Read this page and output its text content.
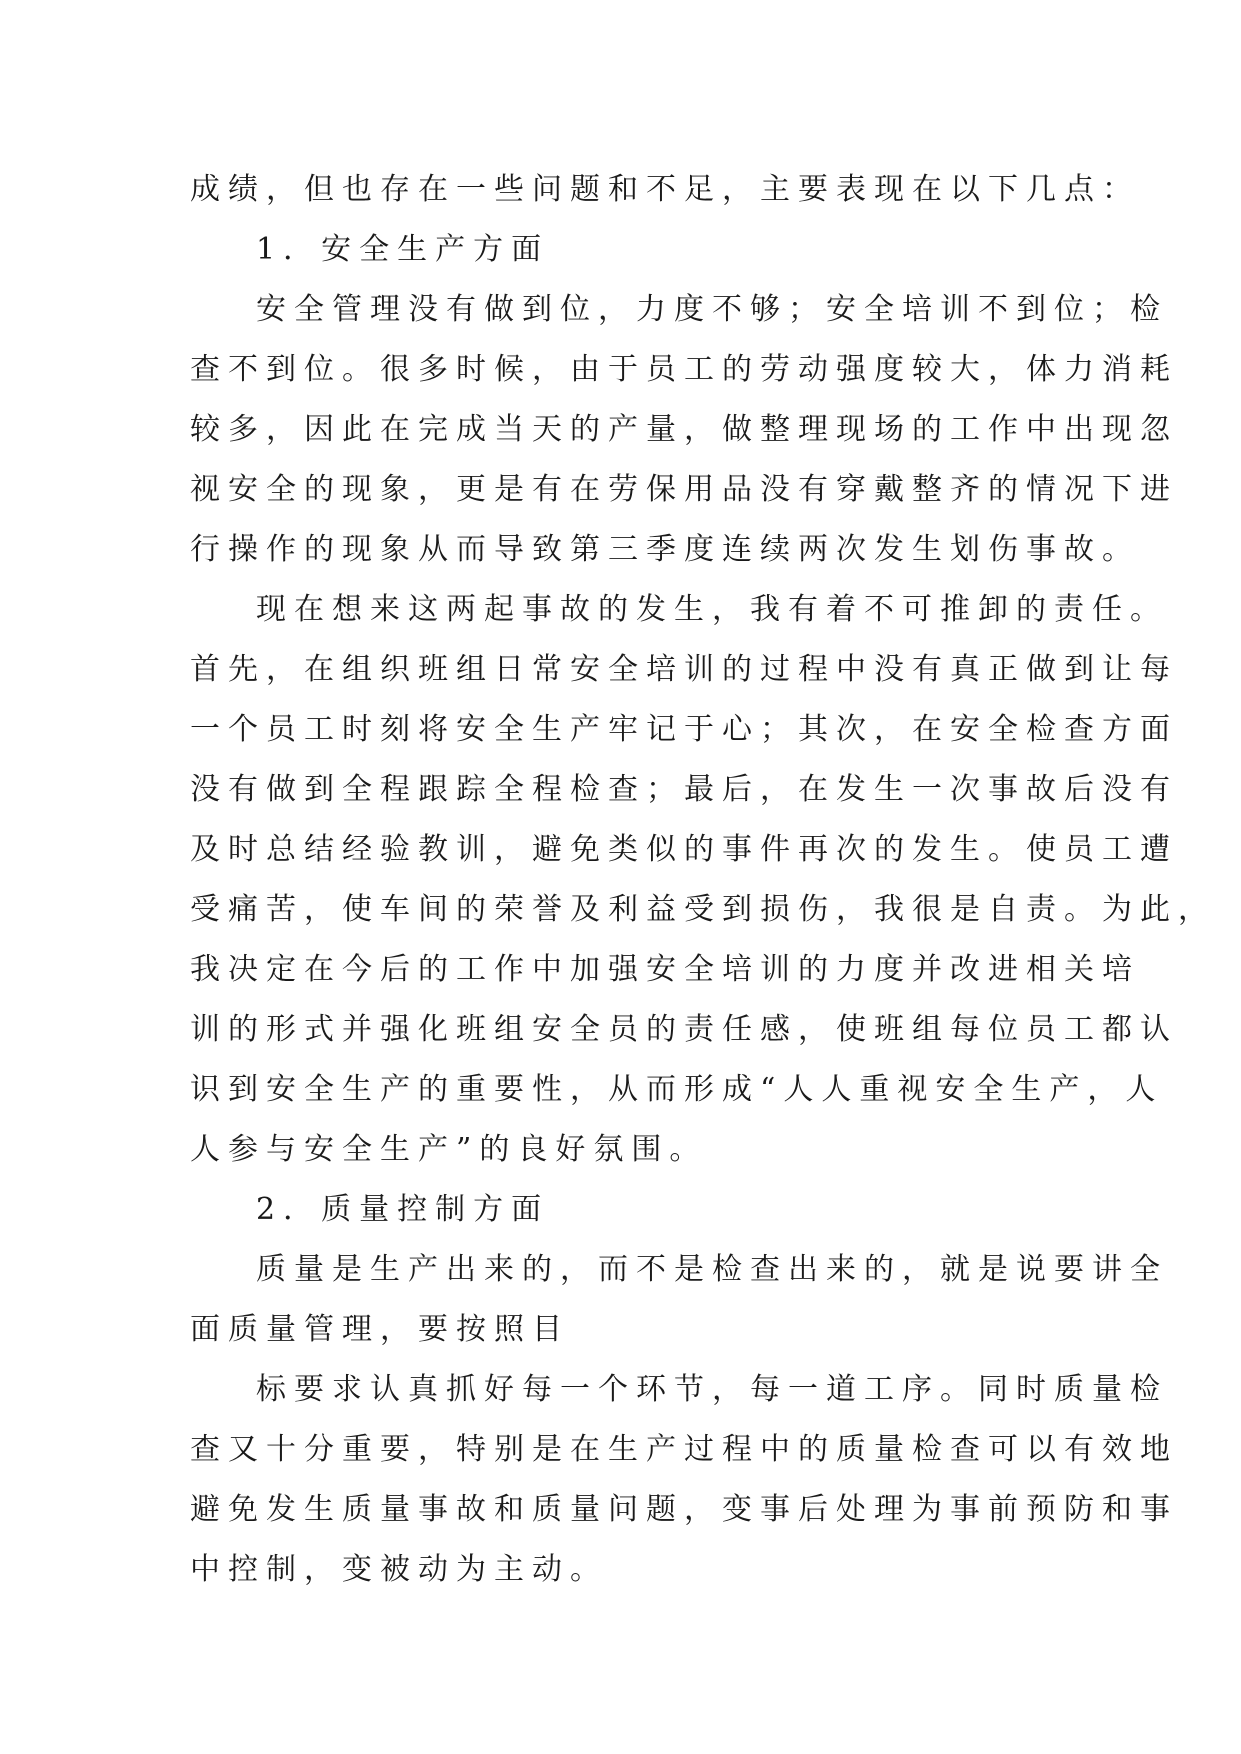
成绩，但也存在一些问题和不足，主要表现在以下几点：
1．安全生产方面
安全管理没有做到位，力度不够；安全培训不到位；检
查不到位。很多时候，由于员工的劳动强度较大，体力消耗
较多，因此在完成当天的产量，做整理现场的工作中出现忽
视安全的现象，更是有在劳保用品没有穿戴整齐的情况下进
行操作的现象从而导致第三季度连续两次发生划伤事故。
现在想来这两起事故的发生，我有着不可推卸的责任。
首先，在组织班组日常安全培训的过程中没有真正做到让每
一个员工时刻将安全生产牢记于心；其次，在安全检查方面
没有做到全程跟踪全程检查；最后，在发生一次事故后没有
及时总结经验教训，避免类似的事件再次的发生。使员工遭
受痛苦，使车间的荣誉及利益受到损伤，我很是自责。为此，
我决定在今后的工作中加强安全培训的力度并改进相关培
训的形式并强化班组安全员的责任感，使班组每位员工都认
识到安全生产的重要性，从而形成“人人重视安全生产，人
人参与安全生产”的良好氛围。
2．质量控制方面
质量是生产出来的，而不是检查出来的，就是说要讲全
面质量管理，要按照目
标要求认真抓好每一个环节，每一道工序。同时质量检
查又十分重要，特别是在生产过程中的质量检查可以有效地
避免发生质量事故和质量问题，变事后处理为事前预防和事
中控制，变被动为主动。
